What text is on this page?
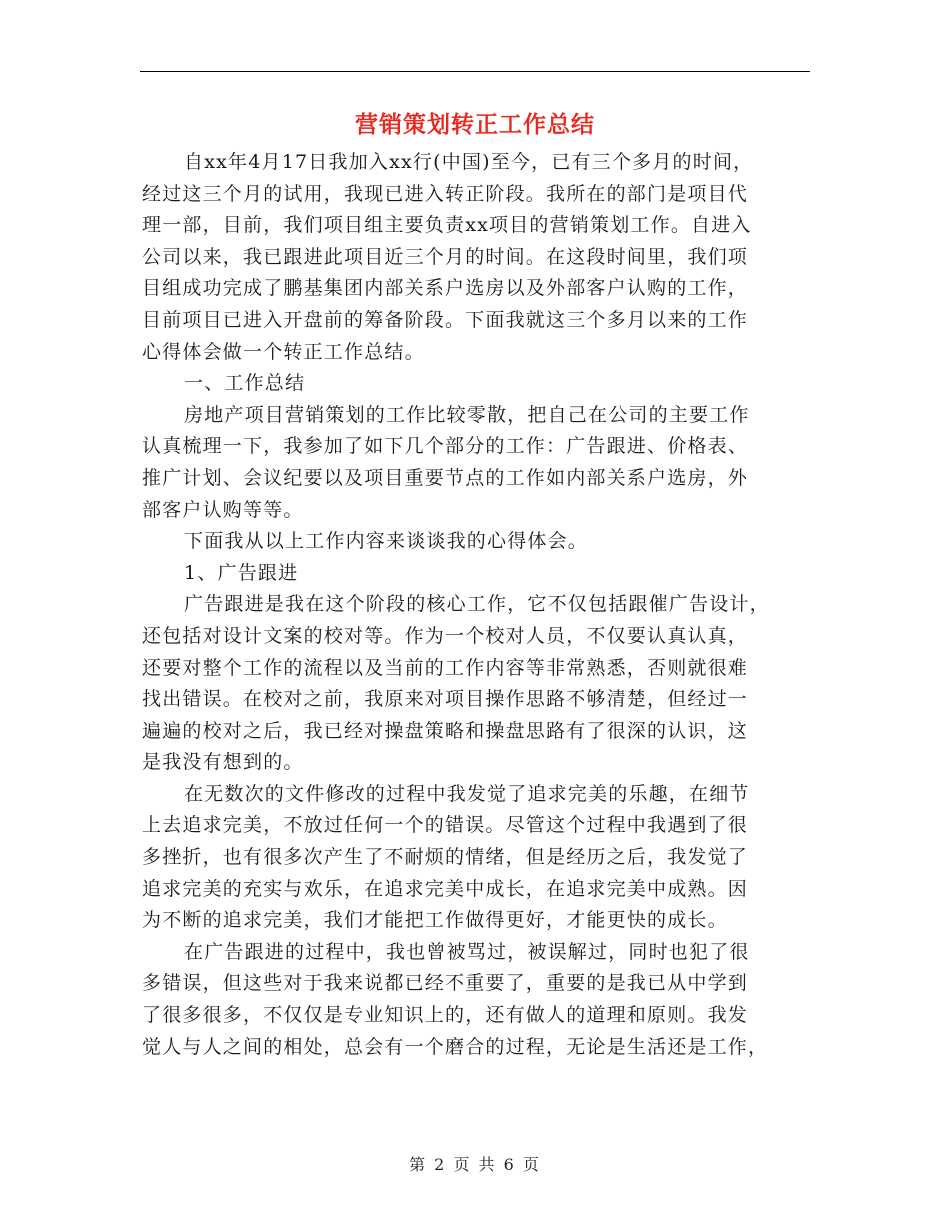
营销策划转正工作总结
自xx年4月17日我加入xx行(中国)至今，已有三个多月的时间，
经过这三个月的试用，我现已进入转正阶段。我所在的部门是项目代
理一部，目前，我们项目组主要负责xx项目的营销策划工作。自进入
公司以来，我已跟进此项目近三个月的时间。在这段时间里，我们项
目组成功完成了鹏基集团内部关系户选房以及外部客户认购的工作，
目前项目已进入开盘前的筹备阶段。下面我就这三个多月以来的工作
心得体会做一个转正工作总结。
一、工作总结
房地产项目营销策划的工作比较零散，把自己在公司的主要工作
认真梳理一下，我参加了如下几个部分的工作：广告跟进、价格表、
推广计划、会议纪要以及项目重要节点的工作如内部关系户选房，外
部客户认购等等。
下面我从以上工作内容来谈谈我的心得体会。
1、广告跟进
广告跟进是我在这个阶段的核心工作，它不仅包括跟催广告设计，
还包括对设计文案的校对等。作为一个校对人员，不仅要认真认真，
还要对整个工作的流程以及当前的工作内容等非常熟悉，否则就很难
找出错误。在校对之前，我原来对项目操作思路不够清楚，但经过一
遍遍的校对之后，我已经对操盘策略和操盘思路有了很深的认识，这
是我没有想到的。
在无数次的文件修改的过程中我发觉了追求完美的乐趣，在细节
上去追求完美，不放过任何一个的错误。尽管这个过程中我遇到了很
多挫折，也有很多次产生了不耐烦的情绪，但是经历之后，我发觉了
追求完美的充实与欢乐，在追求完美中成长，在追求完美中成熟。因
为不断的追求完美，我们才能把工作做得更好，才能更快的成长。
在广告跟进的过程中，我也曾被骂过，被误解过，同时也犯了很
多错误，但这些对于我来说都已经不重要了，重要的是我已从中学到
了很多很多，不仅仅是专业知识上的，还有做人的道理和原则。我发
觉人与人之间的相处，总会有一个磨合的过程，无论是生活还是工作，
第 2 页 共 6 页
